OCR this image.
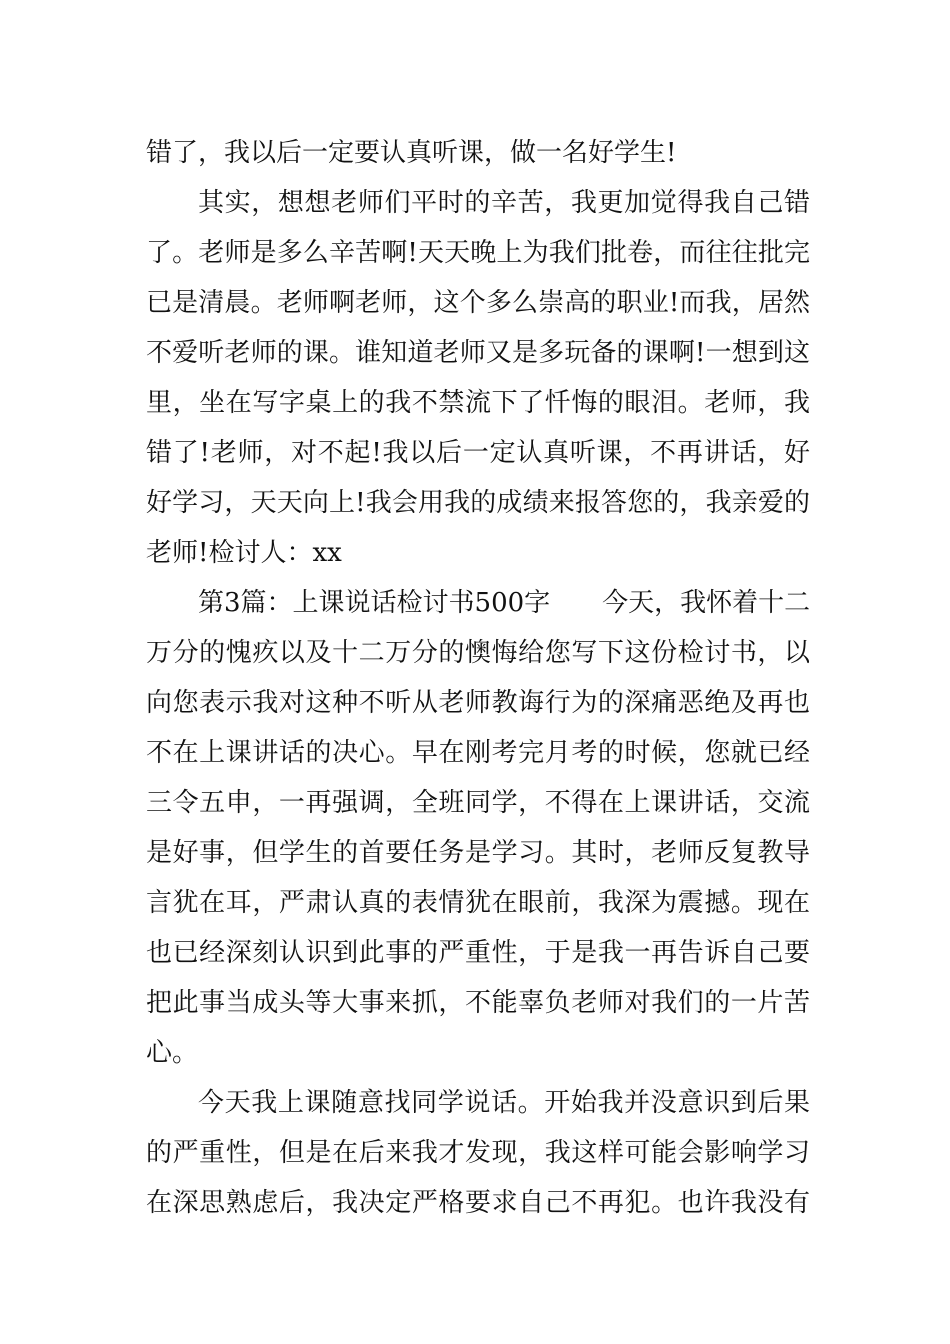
错了，我以后一定要认真听课，做一名好学生!
其实，想想老师们平时的辛苦，我更加觉得我自己错
了。老师是多么辛苦啊!天天晚上为我们批卷，而往往批完
已是清晨。老师啊老师，这个多么崇高的职业!而我，居然
不爱听老师的课。谁知道老师又是多玩备的课啊!一想到这
里，坐在写字桌上的我不禁流下了忏悔的眼泪。老师，我
错了!老师，对不起!我以后一定认真听课，不再讲话，好
好学习，天天向上!我会用我的成绩来报答您的，我亲爱的
老师!检讨人：xx
第3篇：上课说话检讨书500字 今天，我怀着十二
万分的愧疚以及十二万分的懊悔给您写下这份检讨书，以
向您表示我对这种不听从老师教诲行为的深痛恶绝及再也
不在上课讲话的决心。早在刚考完月考的时候，您就已经
三令五申，一再强调，全班同学，不得在上课讲话，交流
是好事，但学生的首要任务是学习。其时，老师反复教导
言犹在耳，严肃认真的表情犹在眼前，我深为震撼。现在
也已经深刻认识到此事的严重性，于是我一再告诉自己要
把此事当成头等大事来抓，不能辜负老师对我们的一片苦
心。
今天我上课随意找同学说话。开始我并没意识到后果
的严重性，但是在后来我才发现，我这样可能会影响学习
在深思熟虑后，我决定严格要求自己不再犯。也许我没有
